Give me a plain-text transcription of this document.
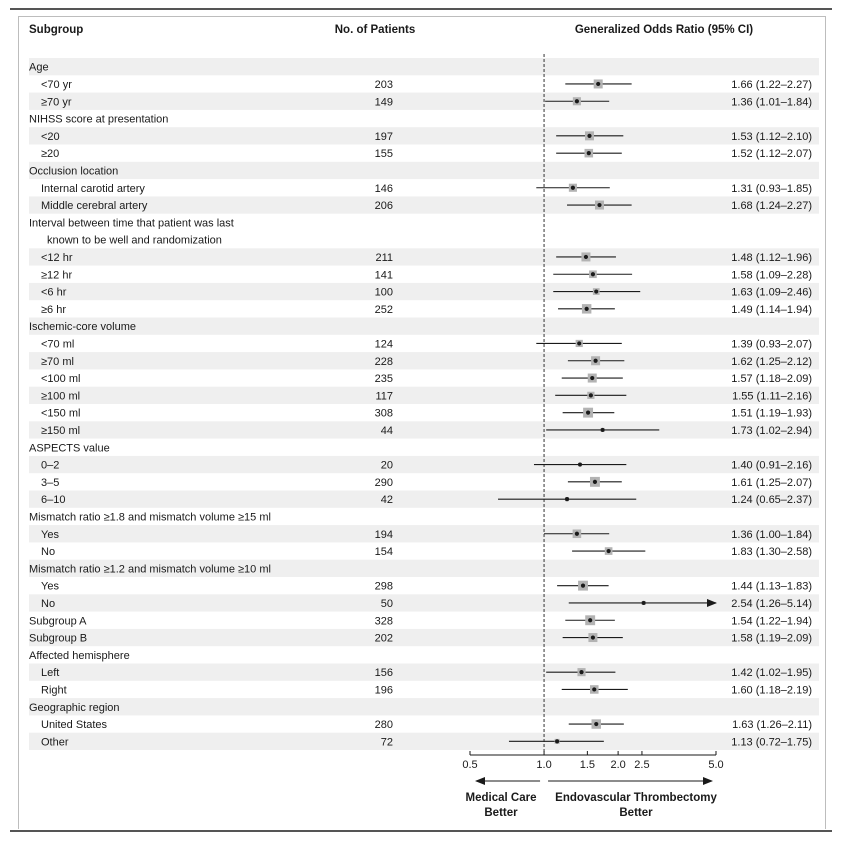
Subgroup	No. of Patients	Generalized Odds Ratio (95% CI)
Age
<70 yr	203	1.66 (1.22–2.27)
≥70 yr	149	1.36 (1.01–1.84)
NIHSS score at presentation
<20	197	1.53 (1.12–2.10)
≥20	155	1.52 (1.12–2.07)
Occlusion location
Internal carotid artery	146	1.31 (0.93–1.85)
Middle cerebral artery	206	1.68 (1.24–2.27)
Interval between time that patient was last
known to be well and randomization
<12 hr	211	1.48 (1.12–1.96)
≥12 hr	141	1.58 (1.09–2.28)
<6 hr	100	1.63 (1.09–2.46)
≥6 hr	252	1.49 (1.14–1.94)
Ischemic-core volume
<70 ml	124	1.39 (0.93–2.07)
≥70 ml	228	1.62 (1.25–2.12)
<100 ml	235	1.57 (1.18–2.09)
≥100 ml	117	1.55 (1.11–2.16)
<150 ml	308	1.51 (1.19–1.93)
≥150 ml	44	1.73 (1.02–2.94)
ASPECTS value
0–2	20	1.40 (0.91–2.16)
3–5	290	1.61 (1.25–2.07)
6–10	42	1.24 (0.65–2.37)
Mismatch ratio ≥1.8 and mismatch volume ≥15 ml
Yes	194	1.36 (1.00–1.84)
No	154	1.83 (1.30–2.58)
Mismatch ratio ≥1.2 and mismatch volume ≥10 ml
Yes	298	1.44 (1.13–1.83)
No	50	2.54 (1.26–5.14)
Subgroup A	328	1.54 (1.22–1.94)
Subgroup B	202	1.58 (1.19–2.09)
Affected hemisphere
Left	156	1.42 (1.02–1.95)
Right	196	1.60 (1.18–2.19)
Geographic region
United States	280	1.63 (1.26–2.11)
Other	72	1.13 (0.72–1.75)
0.5	1.0	1.5 2.0 2.5	5.0
Medical Care
Better
Endovascular Thrombectomy
Better
